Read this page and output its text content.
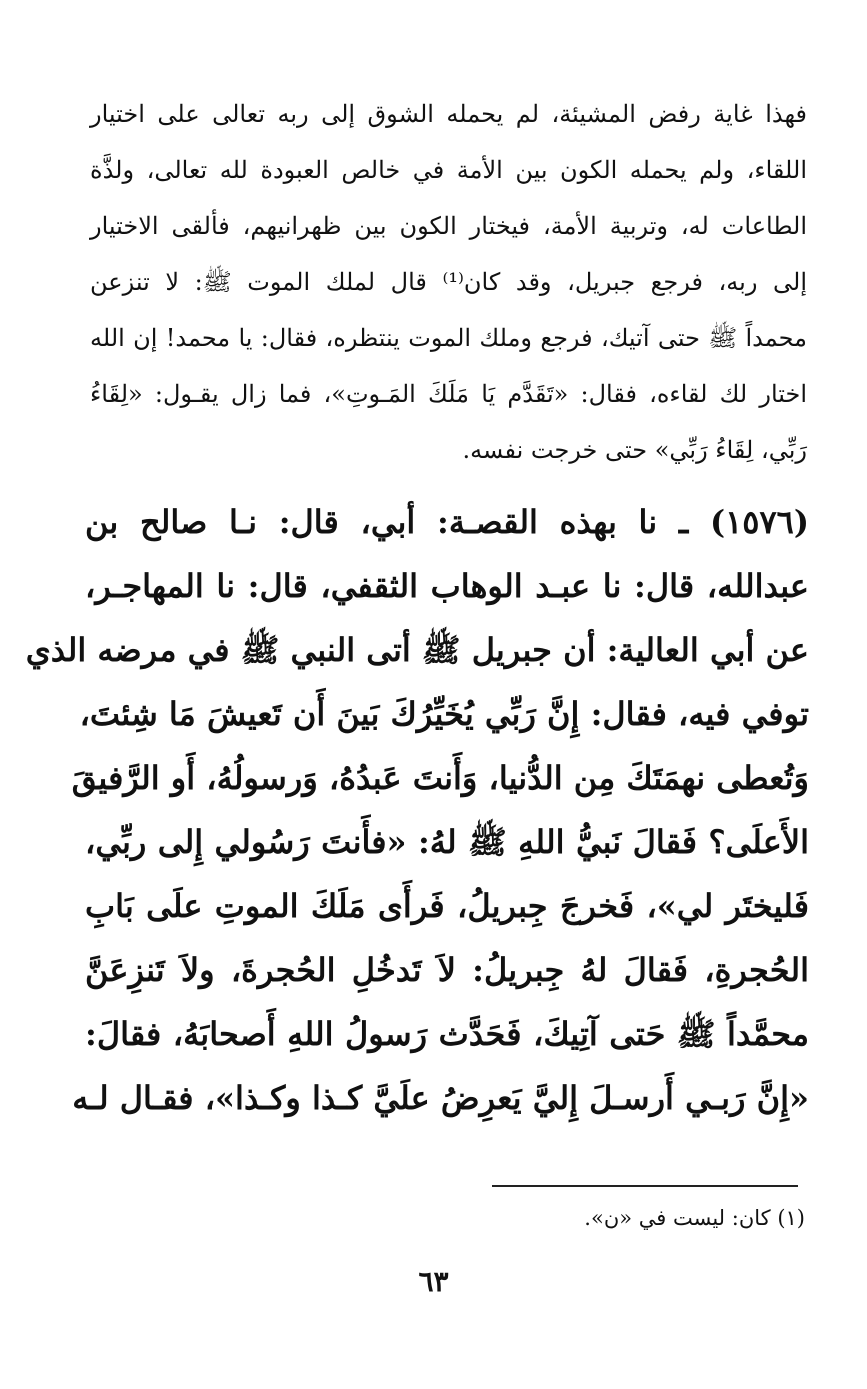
فهذا غاية رفض المشيئة، لم يحمله الشوق إلى ربه تعالى على اختيار
اللقاء، ولم يحمله الكون بين الأمة في خالص العبودة لله تعالى، ولذَّة
الطاعات له، وتربية الأمة، فيختار الكون بين ظهرانيهم، فألقى الاختيار
إلى ربه، فرجع جبريل، وقد كان⁽¹⁾ قال لملك الموت ﷺ: لا تنزعن
محمداً ﷺ حتى آتيك، فرجع وملك الموت ينتظره، فقال: يا محمد! إن الله
اختار لك لقاءه، فقال: «تَقَدَّم يَا مَلَكَ المَـوتِ»، فما زال يقـول: «لِقَاءُ
رَبِّي، لِقَاءُ رَبِّي» حتى خرجت نفسه.
(١٥٧٦) ـ نا بهذه القصـة: أبي، قال: نـا صالح بن
عبدالله، قال: نا عبـد الوهاب الثقفي، قال: نا المهاجـر،
عن أبي العالية: أن جبريل ﷺ أتى النبي ﷺ في مرضه الذي
توفي فيه، فقال: إِنَّ رَبِّي يُخَيِّرُكَ بَينَ أَن تَعيشَ مَا شِئتَ،
وَتُعطى نهمَتَكَ مِن الدُّنيا، وَأَنتَ عَبدُهُ، وَرسولُهُ، أَو الرَّفيقَ
الأَعلَى؟ فَقالَ نَبيُّ اللهِ ﷺ لهُ: «فأَنتَ رَسُولي إِلى ربِّي،
فَليختَر لي»، فَخرجَ جِبريلُ، فَرأَى مَلَكَ الموتِ علَى بَابِ
الحُجرةِ، فَقالَ لهُ جِبريلُ: لاَ تَدخُلِ الحُجرةَ، ولاَ تَنزِعَنَّ
محمَّداً ﷺ حَتى آتِيكَ، فَحَدَّث رَسولُ اللهِ أَصحابَهُ، فقالَ:
«إِنَّ رَبـي أَرسـلَ إِليَّ يَعرِضُ علَيَّ كـذا وكـذا»، فقـال لـه
(١) كان: ليست في «ن».
٦٣
